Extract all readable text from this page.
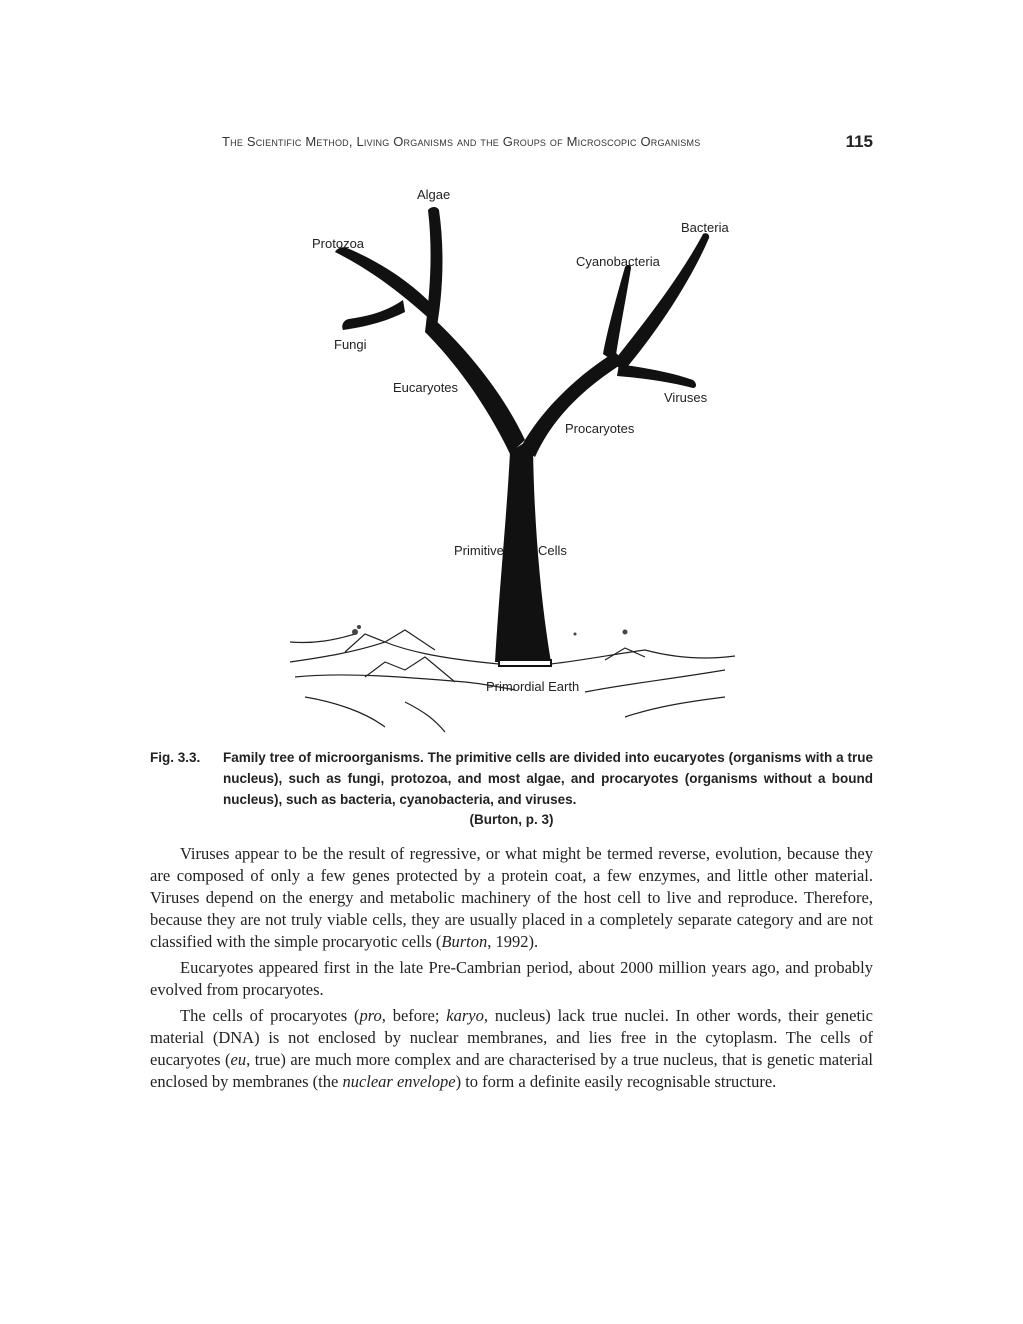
The Scientific Method, Living Organisms and the Groups of Microscopic Organisms	115
Algae
Bacteria
Protozoa
Cyanobacteria
Fungi
Eucaryotes
Viruses
Procaryotes
Primitive	Cells
Primordial Earth
Fig. 3.3. Family tree of microorganisms. The primitive cells are divided into eucaryotes (organisms with a true nucleus), such as fungi, protozoa, and most algae, and procaryotes (organisms without a bound nucleus), such as bacteria, cyanobacteria, and viruses.
(Burton, p. 3)

Viruses appear to be the result of regressive, or what might be termed reverse, evolution, because they are composed of only a few genes protected by a protein coat, a few enzymes, and little other material. Viruses depend on the energy and metabolic machinery of the host cell to live and reproduce. Therefore, because they are not truly viable cells, they are usually placed in a completely separate category and are not classified with the simple procaryotic cells (Burton, 1992).

Eucaryotes appeared first in the late Pre-Cambrian period, about 2000 million years ago, and probably evolved from procaryotes.

The cells of procaryotes (pro, before; karyo, nucleus) lack true nuclei. In other words, their genetic material (DNA) is not enclosed by nuclear membranes, and lies free in the cytoplasm. The cells of eucaryotes (eu, true) are much more complex and are characterised by a true nucleus, that is genetic material enclosed by membranes (the nuclear envelope) to form a definite easily recognisable structure.
